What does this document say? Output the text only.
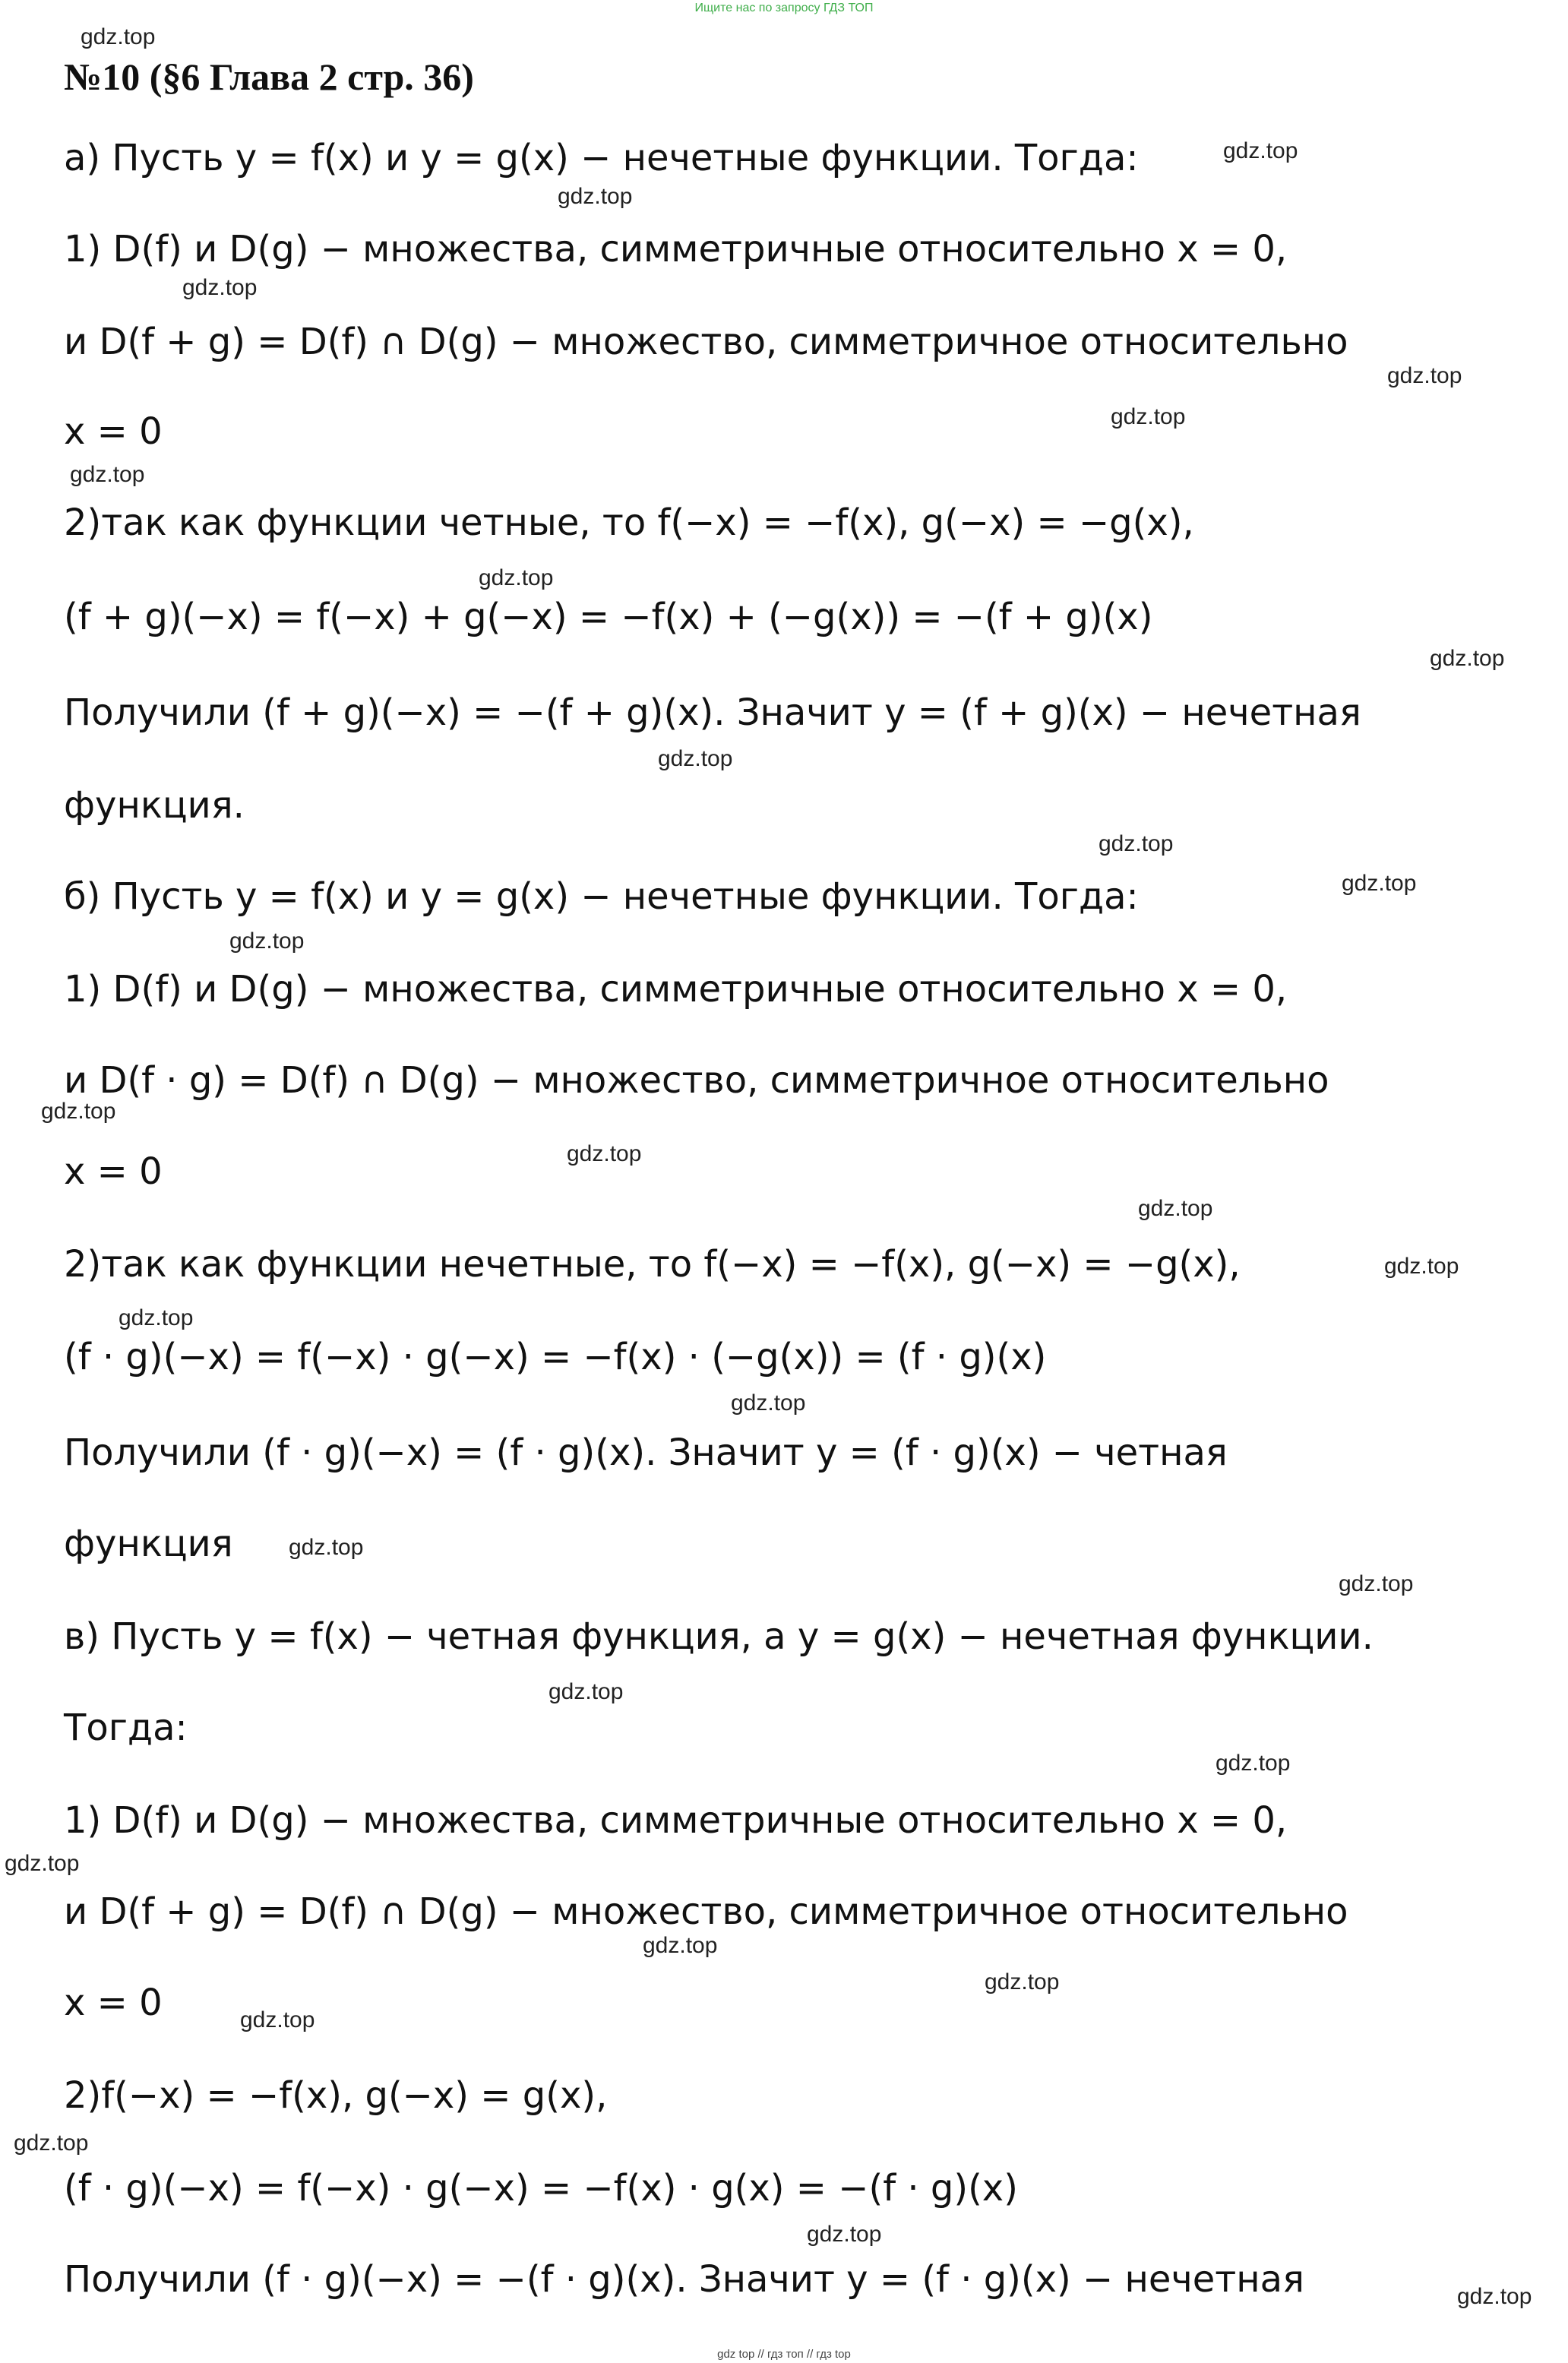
Ищите нас по запросу ГДЗ ТОП
№10 (§6 Глава 2 стр. 36)
а) Пусть y = f(x) и y = g(x) − нечетные функции. Тогда:
1) D(f) и D(g) − множества, симметричные относительно x = 0,
и D(f + g) = D(f) ∩ D(g) − множество, симметричное относительно
x = 0
2)так как функции четные, то f(−x) = −f(x), g(−x) = −g(x),
(f + g)(−x) = f(−x) + g(−x) = −f(x) + (−g(x)) = −(f + g)(x)
Получили (f + g)(−x) = −(f + g)(x). Значит y = (f + g)(x) − нечетная
функция.
б) Пусть y = f(x) и y = g(x) − нечетные функции. Тогда:
1) D(f) и D(g) − множества, симметричные относительно x = 0,
и D(f · g) = D(f) ∩ D(g) − множество, симметричное относительно
x = 0
2)так как функции нечетные, то f(−x) = −f(x), g(−x) = −g(x),
(f · g)(−x) = f(−x) · g(−x) = −f(x) · (−g(x)) = (f · g)(x)
Получили (f · g)(−x) = (f · g)(x). Значит y = (f · g)(x) − четная
функция
в) Пусть y = f(x) − четная функция, а y = g(x) − нечетная функции.
Тогда:
1) D(f) и D(g) − множества, симметричные относительно x = 0,
и D(f + g) = D(f) ∩ D(g) − множество, симметричное относительно
x = 0
2)f(−x) = −f(x), g(−x) = g(x),
(f · g)(−x) = f(−x) · g(−x) = −f(x) · g(x) = −(f · g)(x)
Получили (f · g)(−x) = −(f · g)(x). Значит y = (f · g)(x) − нечетная
gdz.top
gdz.top
gdz.top
gdz.top
gdz.top
gdz.top
gdz.top
gdz.top
gdz.top
gdz.top
gdz.top
gdz.top
gdz.top
gdz.top
gdz.top
gdz.top
gdz.top
gdz.top
gdz.top
gdz.top
gdz.top
gdz.top
gdz.top
gdz.top
gdz.top
gdz.top
gdz.top
gdz.top
gdz.top
gdz.top
gdz top // гдз топ // гдз top
